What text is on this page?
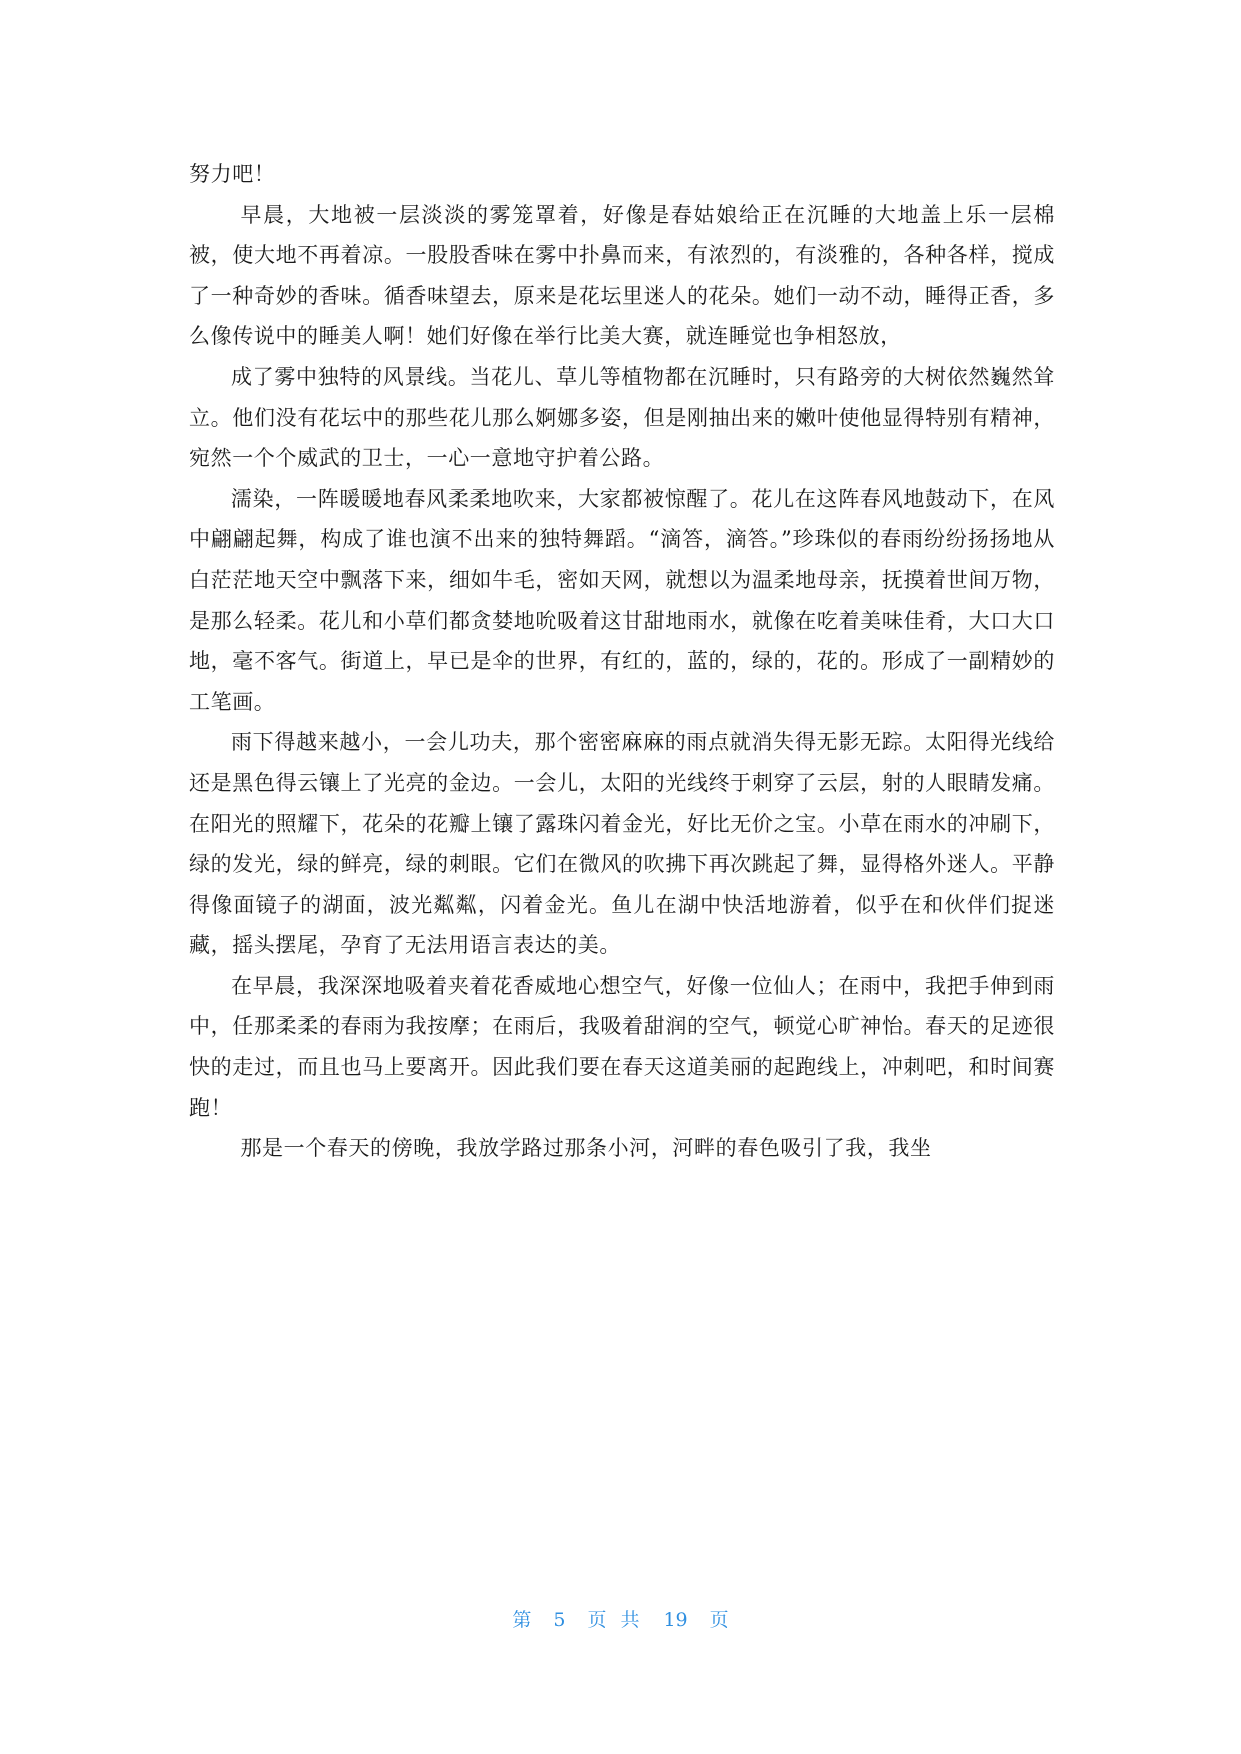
努力吧！

早晨，大地被一层淡淡的雾笼罩着，好像是春姑娘给正在沉睡的大地盖上乐一层棉被，使大地不再着凉。一股股香味在雾中扑鼻而来，有浓烈的，有淡雅的，各种各样，搅成了一种奇妙的香味。循香味望去，原来是花坛里迷人的花朵。她们一动不动，睡得正香，多么像传说中的睡美人啊！她们好像在举行比美大赛，就连睡觉也争相怒放，

成了雾中独特的风景线。当花儿、草儿等植物都在沉睡时，只有路旁的大树依然巍然耸立。他们没有花坛中的那些花儿那么婀娜多姿，但是刚抽出来的嫩叶使他显得特别有精神，宛然一个个威武的卫士，一心一意地守护着公路。

濡染，一阵暖暖地春风柔柔地吹来，大家都被惊醒了。花儿在这阵春风地鼓动下，在风中翩翩起舞，构成了谁也演不出来的独特舞蹈。“滴答，滴答。”珍珠似的春雨纷纷扬扬地从白茫茫地天空中飘落下来，细如牛毛，密如天网，就想以为温柔地母亲，抚摸着世间万物，是那么轻柔。花儿和小草们都贪婪地吮吸着这甘甜地雨水，就像在吃着美味佳肴，大口大口地，毫不客气。街道上，早已是伞的世界，有红的，蓝的，绿的，花的。形成了一副精妙的工笔画。

雨下得越来越小，一会儿功夫，那个密密麻麻的雨点就消失得无影无踪。太阳得光线给还是黑色得云镶上了光亮的金边。一会儿，太阳的光线终于刺穿了云层，射的人眼睛发痛。在阳光的照耀下，花朵的花瓣上镶了露珠闪着金光，好比无价之宝。小草在雨水的冲刷下，绿的发光，绿的鲜亮，绿的刺眼。它们在微风的吹拂下再次跳起了舞，显得格外迷人。平静得像面镜子的湖面，波光粼粼，闪着金光。鱼儿在湖中快活地游着，似乎在和伙伴们捉迷藏，摇头摆尾，孕育了无法用语言表达的美。

在早晨，我深深地吸着夹着花香威地心想空气，好像一位仙人；在雨中，我把手伸到雨中，任那柔柔的春雨为我按摩；在雨后，我吸着甜润的空气，顿觉心旷神怡。春天的足迹很快的走过，而且也马上要离开。因此我们要在春天这道美丽的起跑线上，冲刺吧，和时间赛跑！

那是一个春天的傍晚，我放学路过那条小河，河畔的春色吸引了我，我坐

第 5 页共 19 页
